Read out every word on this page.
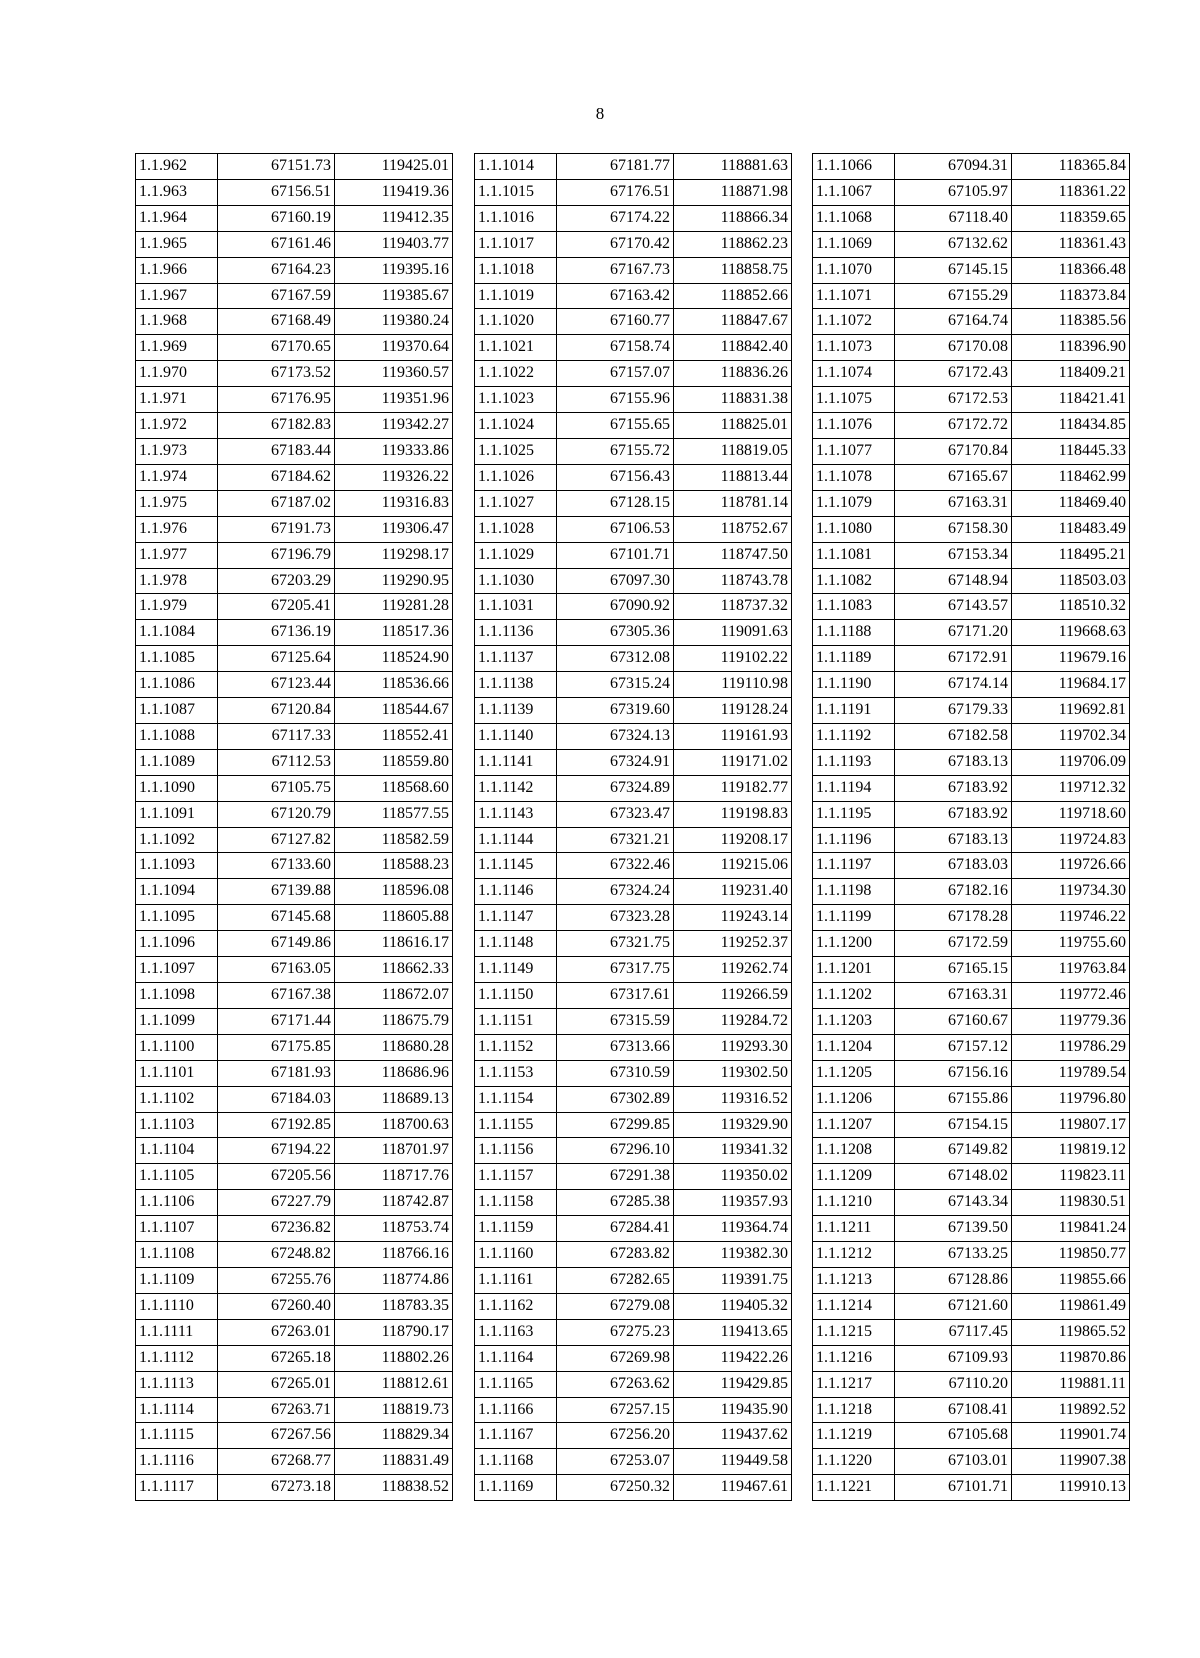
8
1.1.962	67151.73	119425.01
1.1.963	67156.51	119419.36
1.1.964	67160.19	119412.35
1.1.965	67161.46	119403.77
1.1.966	67164.23	119395.16
1.1.967	67167.59	119385.67
1.1.968	67168.49	119380.24
1.1.969	67170.65	119370.64
1.1.970	67173.52	119360.57
1.1.971	67176.95	119351.96
1.1.972	67182.83	119342.27
1.1.973	67183.44	119333.86
1.1.974	67184.62	119326.22
1.1.975	67187.02	119316.83
1.1.976	67191.73	119306.47
1.1.977	67196.79	119298.17
1.1.978	67203.29	119290.95
1.1.979	67205.41	119281.28
1.1.1084	67136.19	118517.36
1.1.1085	67125.64	118524.90
1.1.1086	67123.44	118536.66
1.1.1087	67120.84	118544.67
1.1.1088	67117.33	118552.41
1.1.1089	67112.53	118559.80
1.1.1090	67105.75	118568.60
1.1.1091	67120.79	118577.55
1.1.1092	67127.82	118582.59
1.1.1093	67133.60	118588.23
1.1.1094	67139.88	118596.08
1.1.1095	67145.68	118605.88
1.1.1096	67149.86	118616.17
1.1.1097	67163.05	118662.33
1.1.1098	67167.38	118672.07
1.1.1099	67171.44	118675.79
1.1.1100	67175.85	118680.28
1.1.1101	67181.93	118686.96
1.1.1102	67184.03	118689.13
1.1.1103	67192.85	118700.63
1.1.1104	67194.22	118701.97
1.1.1105	67205.56	118717.76
1.1.1106	67227.79	118742.87
1.1.1107	67236.82	118753.74
1.1.1108	67248.82	118766.16
1.1.1109	67255.76	118774.86
1.1.1110	67260.40	118783.35
1.1.1111	67263.01	118790.17
1.1.1112	67265.18	118802.26
1.1.1113	67265.01	118812.61
1.1.1114	67263.71	118819.73
1.1.1115	67267.56	118829.34
1.1.1116	67268.77	118831.49
1.1.1117	67273.18	118838.52
1.1.1014	67181.77	118881.63
1.1.1015	67176.51	118871.98
1.1.1016	67174.22	118866.34
1.1.1017	67170.42	118862.23
1.1.1018	67167.73	118858.75
1.1.1019	67163.42	118852.66
1.1.1020	67160.77	118847.67
1.1.1021	67158.74	118842.40
1.1.1022	67157.07	118836.26
1.1.1023	67155.96	118831.38
1.1.1024	67155.65	118825.01
1.1.1025	67155.72	118819.05
1.1.1026	67156.43	118813.44
1.1.1027	67128.15	118781.14
1.1.1028	67106.53	118752.67
1.1.1029	67101.71	118747.50
1.1.1030	67097.30	118743.78
1.1.1031	67090.92	118737.32
1.1.1136	67305.36	119091.63
1.1.1137	67312.08	119102.22
1.1.1138	67315.24	119110.98
1.1.1139	67319.60	119128.24
1.1.1140	67324.13	119161.93
1.1.1141	67324.91	119171.02
1.1.1142	67324.89	119182.77
1.1.1143	67323.47	119198.83
1.1.1144	67321.21	119208.17
1.1.1145	67322.46	119215.06
1.1.1146	67324.24	119231.40
1.1.1147	67323.28	119243.14
1.1.1148	67321.75	119252.37
1.1.1149	67317.75	119262.74
1.1.1150	67317.61	119266.59
1.1.1151	67315.59	119284.72
1.1.1152	67313.66	119293.30
1.1.1153	67310.59	119302.50
1.1.1154	67302.89	119316.52
1.1.1155	67299.85	119329.90
1.1.1156	67296.10	119341.32
1.1.1157	67291.38	119350.02
1.1.1158	67285.38	119357.93
1.1.1159	67284.41	119364.74
1.1.1160	67283.82	119382.30
1.1.1161	67282.65	119391.75
1.1.1162	67279.08	119405.32
1.1.1163	67275.23	119413.65
1.1.1164	67269.98	119422.26
1.1.1165	67263.62	119429.85
1.1.1166	67257.15	119435.90
1.1.1167	67256.20	119437.62
1.1.1168	67253.07	119449.58
1.1.1169	67250.32	119467.61
1.1.1066	67094.31	118365.84
1.1.1067	67105.97	118361.22
1.1.1068	67118.40	118359.65
1.1.1069	67132.62	118361.43
1.1.1070	67145.15	118366.48
1.1.1071	67155.29	118373.84
1.1.1072	67164.74	118385.56
1.1.1073	67170.08	118396.90
1.1.1074	67172.43	118409.21
1.1.1075	67172.53	118421.41
1.1.1076	67172.72	118434.85
1.1.1077	67170.84	118445.33
1.1.1078	67165.67	118462.99
1.1.1079	67163.31	118469.40
1.1.1080	67158.30	118483.49
1.1.1081	67153.34	118495.21
1.1.1082	67148.94	118503.03
1.1.1083	67143.57	118510.32
1.1.1188	67171.20	119668.63
1.1.1189	67172.91	119679.16
1.1.1190	67174.14	119684.17
1.1.1191	67179.33	119692.81
1.1.1192	67182.58	119702.34
1.1.1193	67183.13	119706.09
1.1.1194	67183.92	119712.32
1.1.1195	67183.92	119718.60
1.1.1196	67183.13	119724.83
1.1.1197	67183.03	119726.66
1.1.1198	67182.16	119734.30
1.1.1199	67178.28	119746.22
1.1.1200	67172.59	119755.60
1.1.1201	67165.15	119763.84
1.1.1202	67163.31	119772.46
1.1.1203	67160.67	119779.36
1.1.1204	67157.12	119786.29
1.1.1205	67156.16	119789.54
1.1.1206	67155.86	119796.80
1.1.1207	67154.15	119807.17
1.1.1208	67149.82	119819.12
1.1.1209	67148.02	119823.11
1.1.1210	67143.34	119830.51
1.1.1211	67139.50	119841.24
1.1.1212	67133.25	119850.77
1.1.1213	67128.86	119855.66
1.1.1214	67121.60	119861.49
1.1.1215	67117.45	119865.52
1.1.1216	67109.93	119870.86
1.1.1217	67110.20	119881.11
1.1.1218	67108.41	119892.52
1.1.1219	67105.68	119901.74
1.1.1220	67103.01	119907.38
1.1.1221	67101.71	119910.13
